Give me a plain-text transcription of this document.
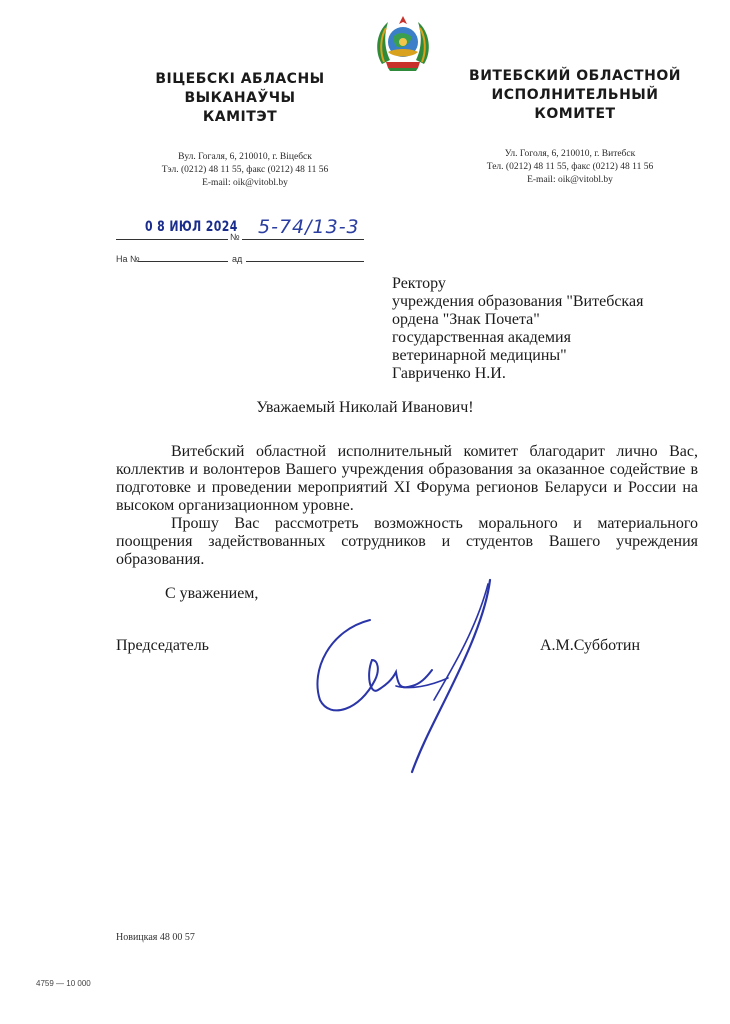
ВІЦЕБСКІ АБЛАСНЫ
ВЫКАНАЎЧЫ
КАМІТЭТ
ВИТЕБСКИЙ ОБЛАСТНОЙ
ИСПОЛНИТЕЛЬНЫЙ
КОМИТЕТ
Вул. Гогаля, 6, 210010, г. Віцебск
Тэл. (0212) 48 11 55, факс (0212) 48 11 56
E-mail: oik@vitobl.by
Ул. Гоголя, 6, 210010, г. Витебск
Тел. (0212) 48 11 55, факс (0212) 48 11 56
E-mail: oik@vitobl.by
0 8 ИЮЛ 2024
№ 5-74/13-3
На №	ад
Ректору
учреждения образования "Витебская
ордена "Знак Почета"
государственная академия
ветеринарной медицины"
Гавриченко Н.И.
Уважаемый Николай Иванович!

Витебский областной исполнительный комитет благодарит лично Вас, коллектив и волонтеров Вашего учреждения образования за оказанное содействие в подготовке и проведении мероприятий XI Форума регионов Беларуси и России на высоком организационном уровне.

Прошу Вас рассмотреть возможность морального и материального поощрения задействованных сотрудников и студентов Вашего учреждения образования.

С уважением,
Председатель	А.М.Субботин
Новицкая 48 00 57
4759 — 10 000
